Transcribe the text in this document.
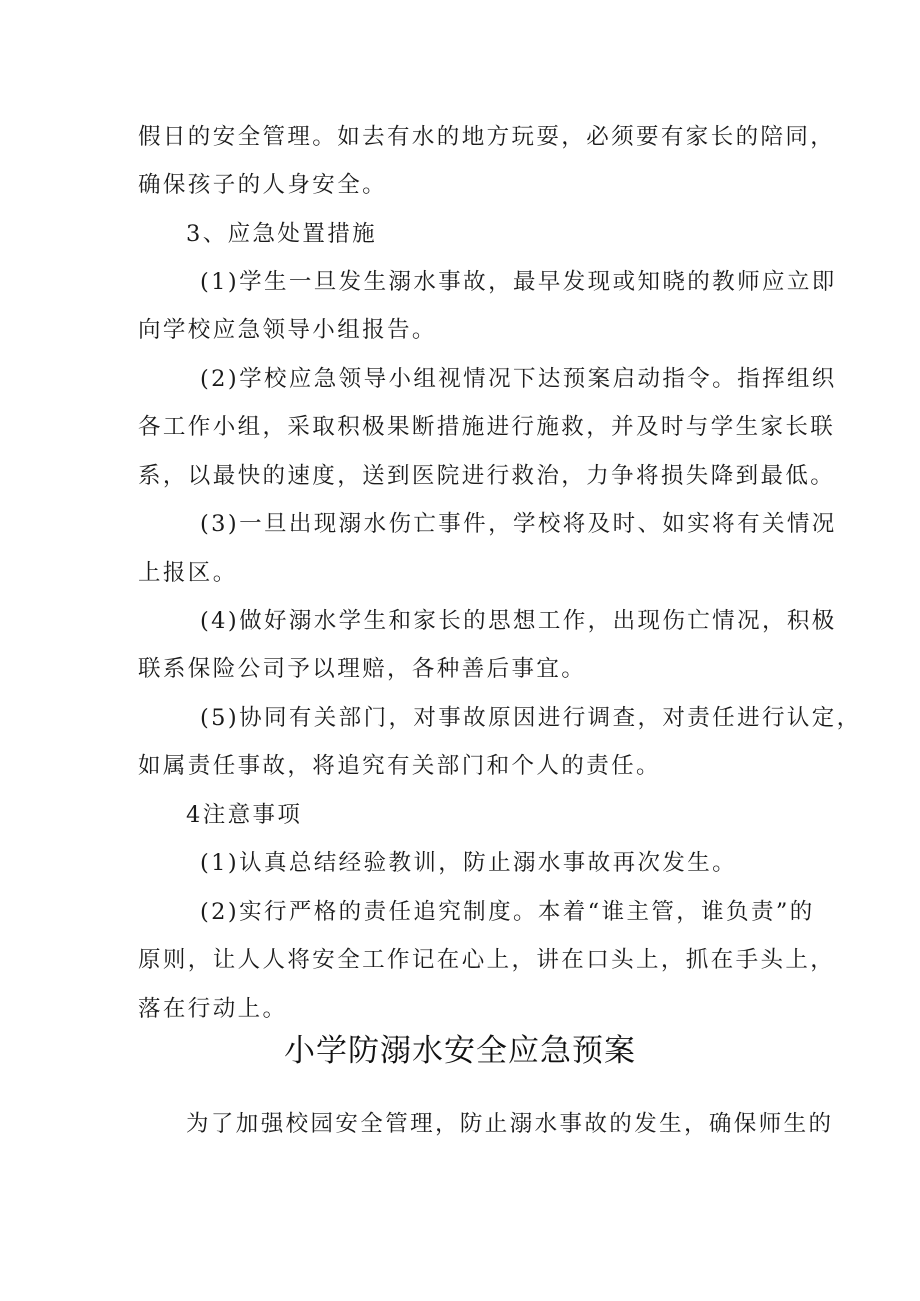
假日的安全管理。如去有水的地方玩耍，必须要有家长的陪同，
确保孩子的人身安全。
3、应急处置措施
(1)学生一旦发生溺水事故，最早发现或知晓的教师应立即
向学校应急领导小组报告。
(2)学校应急领导小组视情况下达预案启动指令。指挥组织
各工作小组，采取积极果断措施进行施救，并及时与学生家长联
系，以最快的速度，送到医院进行救治，力争将损失降到最低。
(3)一旦出现溺水伤亡事件，学校将及时、如实将有关情况
上报区。
(4)做好溺水学生和家长的思想工作，出现伤亡情况，积极
联系保险公司予以理赔，各种善后事宜。
(5)协同有关部门，对事故原因进行调查，对责任进行认定，
如属责任事故，将追究有关部门和个人的责任。
4注意事项
(1)认真总结经验教训，防止溺水事故再次发生。
(2)实行严格的责任追究制度。本着“谁主管，谁负责”的
原则，让人人将安全工作记在心上，讲在口头上，抓在手头上，
落在行动上。
小学防溺水安全应急预案
为了加强校园安全管理，防止溺水事故的发生，确保师生的
